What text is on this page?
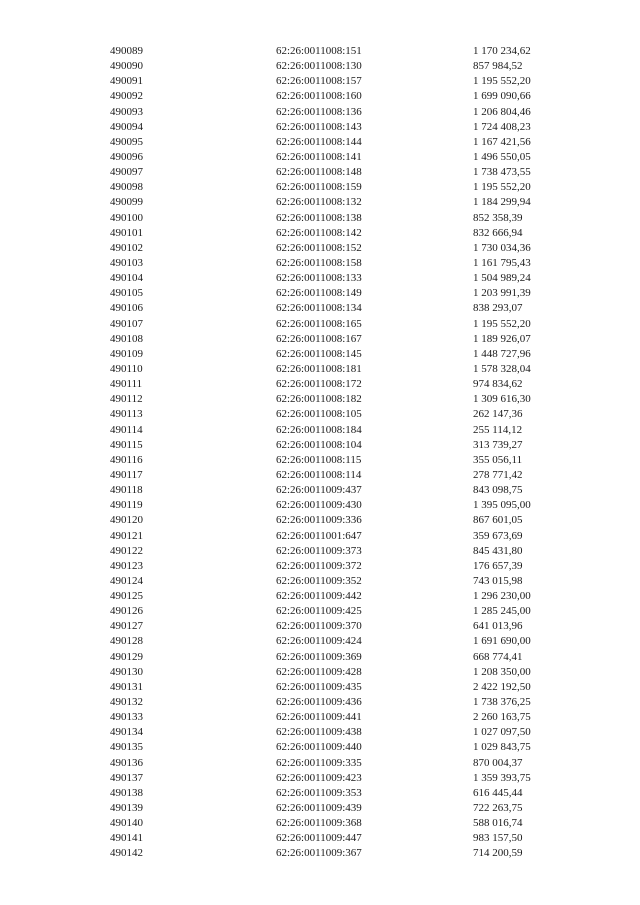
490089	62:26:0011008:151	1 170 234,62
490090	62:26:0011008:130	857 984,52
490091	62:26:0011008:157	1 195 552,20
490092	62:26:0011008:160	1 699 090,66
490093	62:26:0011008:136	1 206 804,46
490094	62:26:0011008:143	1 724 408,23
490095	62:26:0011008:144	1 167 421,56
490096	62:26:0011008:141	1 496 550,05
490097	62:26:0011008:148	1 738 473,55
490098	62:26:0011008:159	1 195 552,20
490099	62:26:0011008:132	1 184 299,94
490100	62:26:0011008:138	852 358,39
490101	62:26:0011008:142	832 666,94
490102	62:26:0011008:152	1 730 034,36
490103	62:26:0011008:158	1 161 795,43
490104	62:26:0011008:133	1 504 989,24
490105	62:26:0011008:149	1 203 991,39
490106	62:26:0011008:134	838 293,07
490107	62:26:0011008:165	1 195 552,20
490108	62:26:0011008:167	1 189 926,07
490109	62:26:0011008:145	1 448 727,96
490110	62:26:0011008:181	1 578 328,04
490111	62:26:0011008:172	974 834,62
490112	62:26:0011008:182	1 309 616,30
490113	62:26:0011008:105	262 147,36
490114	62:26:0011008:184	255 114,12
490115	62:26:0011008:104	313 739,27
490116	62:26:0011008:115	355 056,11
490117	62:26:0011008:114	278 771,42
490118	62:26:0011009:437	843 098,75
490119	62:26:0011009:430	1 395 095,00
490120	62:26:0011009:336	867 601,05
490121	62:26:0011001:647	359 673,69
490122	62:26:0011009:373	845 431,80
490123	62:26:0011009:372	176 657,39
490124	62:26:0011009:352	743 015,98
490125	62:26:0011009:442	1 296 230,00
490126	62:26:0011009:425	1 285 245,00
490127	62:26:0011009:370	641 013,96
490128	62:26:0011009:424	1 691 690,00
490129	62:26:0011009:369	668 774,41
490130	62:26:0011009:428	1 208 350,00
490131	62:26:0011009:435	2 422 192,50
490132	62:26:0011009:436	1 738 376,25
490133	62:26:0011009:441	2 260 163,75
490134	62:26:0011009:438	1 027 097,50
490135	62:26:0011009:440	1 029 843,75
490136	62:26:0011009:335	870 004,37
490137	62:26:0011009:423	1 359 393,75
490138	62:26:0011009:353	616 445,44
490139	62:26:0011009:439	722 263,75
490140	62:26:0011009:368	588 016,74
490141	62:26:0011009:447	983 157,50
490142	62:26:0011009:367	714 200,59
